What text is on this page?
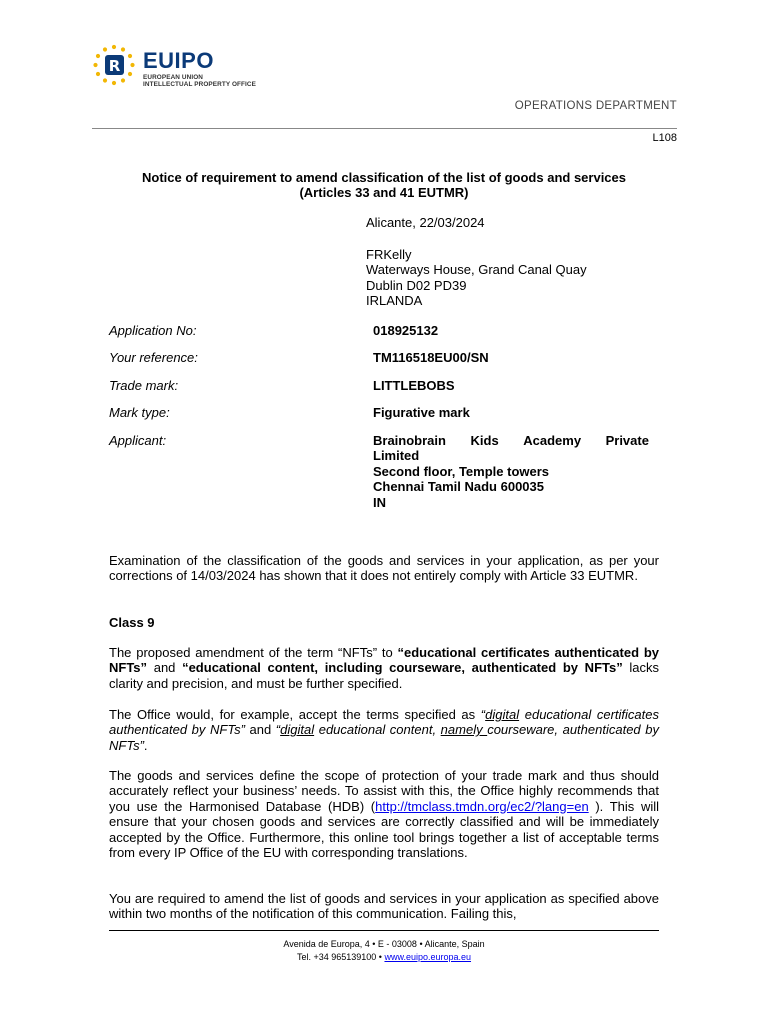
R EUIPO
EUROPEAN UNION
INTELLECTUAL PROPERTY OFFICE
OPERATIONS DEPARTMENT
L108
Notice of requirement to amend classification of the list of goods and services
(Articles 33 and 41 EUTMR)
Alicante, 22/03/2024
FRKelly
Waterways House, Grand Canal Quay
Dublin D02 PD39
IRLANDA
Application No:	018925132
Your reference:	TM116518EU00/SN
Trade mark:	LITTLEBOBS
Mark type:	Figurative mark
Applicant:	Brainobrain Kids Academy Private
Limited
Second floor, Temple towers
Chennai Tamil Nadu 600035
IN

Examination of the classification of the goods and services in your application, as per your corrections of 14/03/2024 has shown that it does not entirely comply with Article 33 EUTMR.

Class 9

The proposed amendment of the term “NFTs” to “educational certificates authenticated by NFTs” and “educational content, including courseware, authenticated by NFTs” lacks clarity and precision, and must be further specified.

The Office would, for example, accept the terms specified as “digital educational certificates authenticated by NFTs” and “digital educational content, namely courseware, authenticated by NFTs”.

The goods and services define the scope of protection of your trade mark and thus should accurately reflect your business’ needs. To assist with this, the Office highly recommends that you use the Harmonised Database (HDB) (http://tmclass.tmdn.org/ec2/?lang=en ). This will ensure that your chosen goods and services are correctly classified and will be immediately accepted by the Office. Furthermore, this online tool brings together a list of acceptable terms from every IP Office of the EU with corresponding translations.

You are required to amend the list of goods and services in your application as specified above within two months of the notification of this communication. Failing this,

Avenida de Europa, 4 • E - 03008 • Alicante, Spain
Tel. +34 965139100 • www.euipo.europa.eu
